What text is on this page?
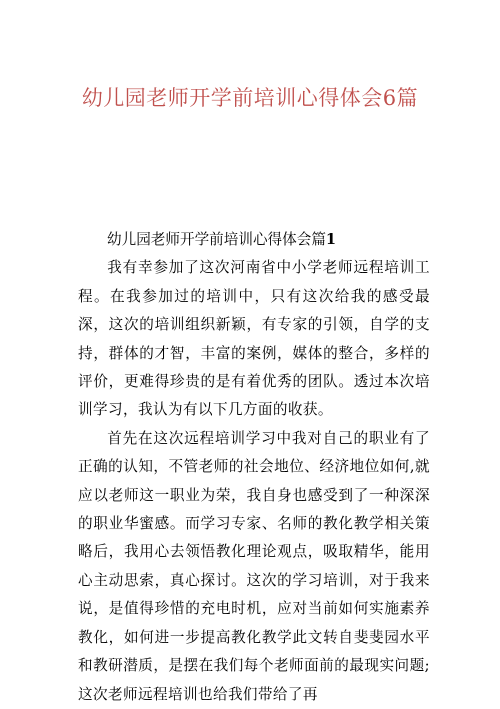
幼儿园老师开学前培训心得体会6篇

幼儿园老师开学前培训心得体会篇1

我有幸参加了这次河南省中小学老师远程培训工程。在我参加过的培训中，只有这次给我的感受最深，这次的培训组织新颖，有专家的引领，自学的支持，群体的才智，丰富的案例，媒体的整合，多样的评价，更难得珍贵的是有着优秀的团队。透过本次培训学习，我认为有以下几方面的收获。

首先在这次远程培训学习中我对自己的职业有了正确的认知，不管老师的社会地位、经济地位如何,就应以老师这一职业为荣，我自身也感受到了一种深深的职业华蜜感。而学习专家、名师的教化教学相关策略后，我用心去领悟教化理论观点，吸取精华，能用心主动思索，真心探讨。这次的学习培训，对于我来说，是值得珍惜的充电时机，应对当前如何实施素养教化，如何进一步提高教化教学此文转自斐斐园水平和教研潜质，是摆在我们每个老师面前的最现实问题;这次老师远程培训也给我们带给了再
